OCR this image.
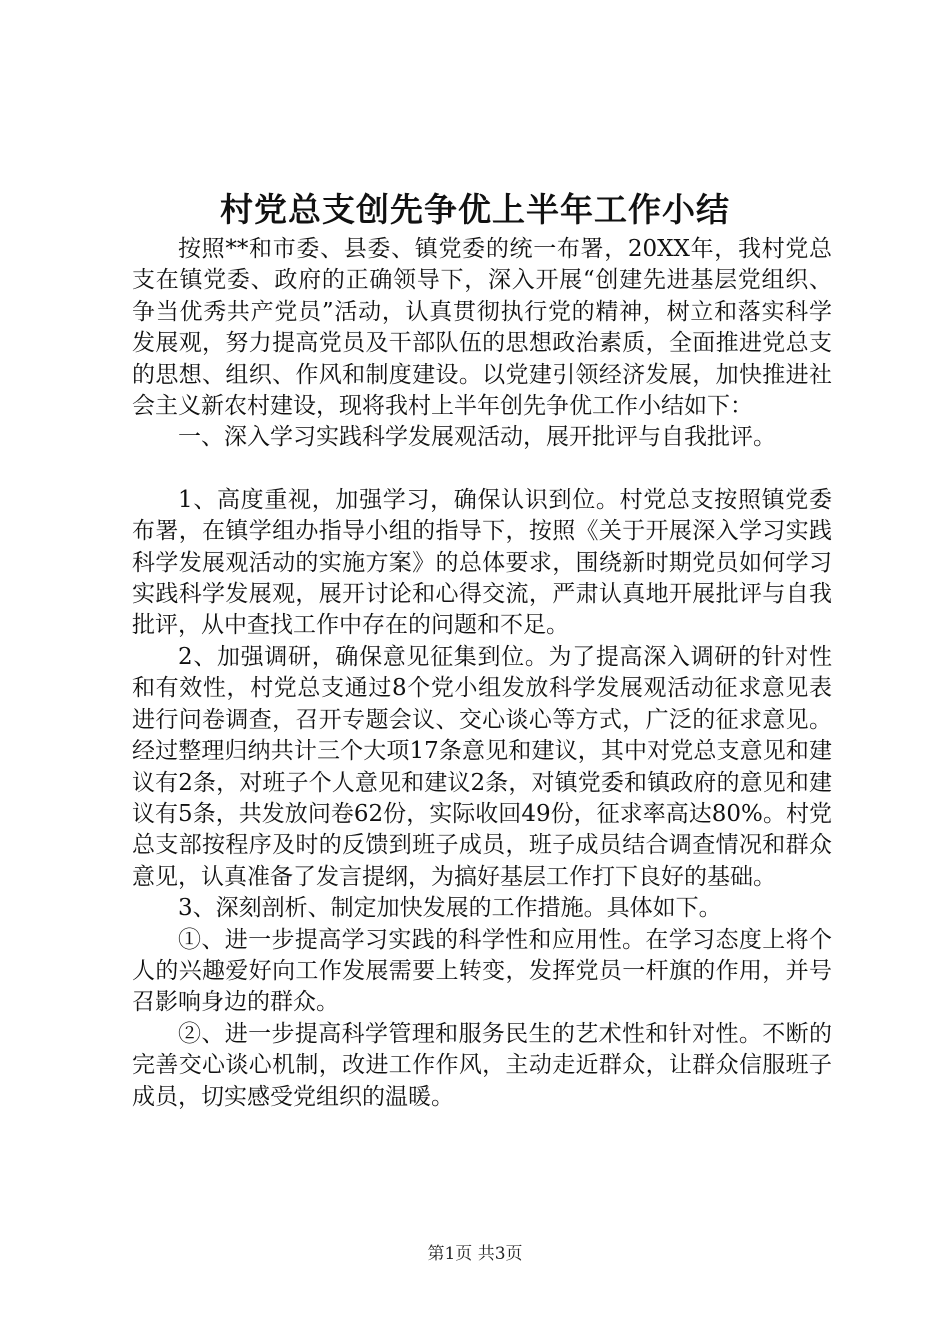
村党总支创先争优上半年工作小结

按照**和市委、县委、镇党委的统一布署，20XX年，我村党总支在镇党委、政府的正确领导下，深入开展“创建先进基层党组织、争当优秀共产党员”活动，认真贯彻执行党的精神，树立和落实科学发展观，努力提高党员及干部队伍的思想政治素质，全面推进党总支的思想、组织、作风和制度建设。以党建引领经济发展，加快推进社会主义新农村建设，现将我村上半年创先争优工作小结如下：

一、深入学习实践科学发展观活动，展开批评与自我批评。

1、高度重视，加强学习，确保认识到位。村党总支按照镇党委布署，在镇学组办指导小组的指导下，按照《关于开展深入学习实践科学发展观活动的实施方案》的总体要求，围绕新时期党员如何学习实践科学发展观，展开讨论和心得交流，严肃认真地开展批评与自我批评，从中查找工作中存在的问题和不足。

2、加强调研，确保意见征集到位。为了提高深入调研的针对性和有效性，村党总支通过8个党小组发放科学发展观活动征求意见表进行问卷调查，召开专题会议、交心谈心等方式，广泛的征求意见。经过整理归纳共计三个大项17条意见和建议，其中对党总支意见和建议有2条，对班子个人意见和建议2条，对镇党委和镇政府的意见和建议有5条，共发放问卷62份，实际收回49份，征求率高达80%。村党总支部按程序及时的反馈到班子成员，班子成员结合调查情况和群众意见，认真准备了发言提纲，为搞好基层工作打下良好的基础。

3、深刻剖析、制定加快发展的工作措施。具体如下。

①、进一步提高学习实践的科学性和应用性。在学习态度上将个人的兴趣爱好向工作发展需要上转变，发挥党员一杆旗的作用，并号召影响身边的群众。

②、进一步提高科学管理和服务民生的艺术性和针对性。不断的完善交心谈心机制，改进工作作风，主动走近群众，让群众信服班子成员，切实感受党组织的温暖。

第1页 共3页
